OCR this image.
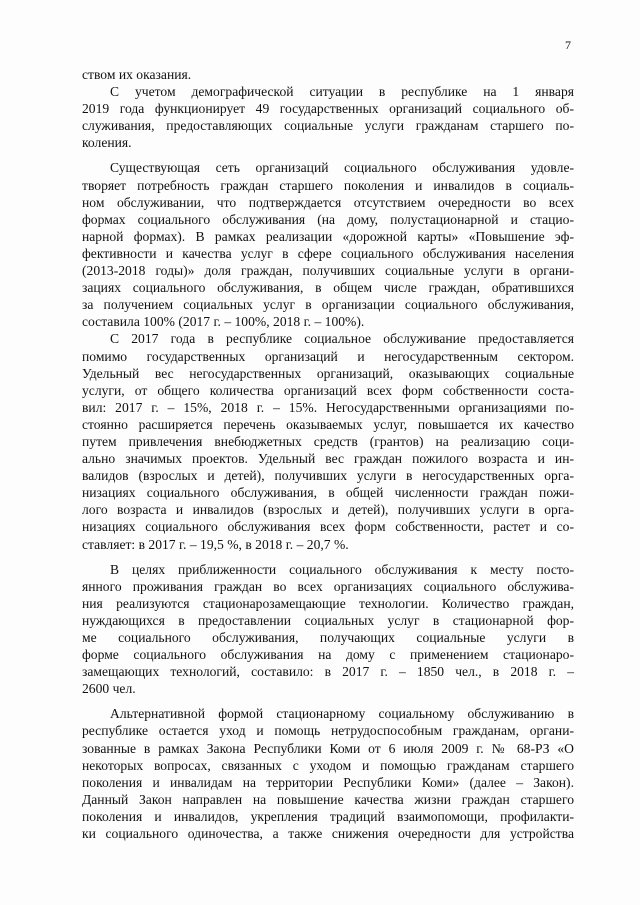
7
ством их оказания.
С учетом демографической ситуации в республике на 1 января
2019 года функционирует 49 государственных организаций социального об-
служивания, предоставляющих социальные услуги гражданам старшего по-
коления.
Существующая сеть организаций социального обслуживания удовле-
творяет потребность граждан старшего поколения и инвалидов в социаль-
ном обслуживании, что подтверждается отсутствием очередности во всех
формах социального обслуживания (на дому, полустационарной и стацио-
нарной формах). В рамках реализации «дорожной карты» «Повышение эф-
фективности и качества услуг в сфере социального обслуживания населения
(2013-2018 годы)» доля граждан, получивших социальные услуги в органи-
зациях социального обслуживания, в общем числе граждан, обратившихся
за получением социальных услуг в организации социального обслуживания,
составила 100% (2017 г. – 100%, 2018 г. – 100%).
С 2017 года в республике социальное обслуживание предоставляется
помимо государственных организаций и негосударственным сектором.
Удельный вес негосударственных организаций, оказывающих социальные
услуги, от общего количества организаций всех форм собственности соста-
вил: 2017 г. – 15%, 2018 г. – 15%. Негосударственными организациями по-
стоянно расширяется перечень оказываемых услуг, повышается их качество
путем привлечения внебюджетных средств (грантов) на реализацию соци-
ально значимых проектов. Удельный вес граждан пожилого возраста и ин-
валидов (взрослых и детей), получивших услуги в негосударственных орга-
низациях социального обслуживания, в общей численности граждан пожи-
лого возраста и инвалидов (взрослых и детей), получивших услуги в орга-
низациях социального обслуживания всех форм собственности, растет и со-
ставляет: в 2017 г. – 19,5 %, в 2018 г. – 20,7 %.
В целях приближенности социального обслуживания к месту посто-
янного проживания граждан во всех организациях социального обслужива-
ния реализуются стационарозамещающие технологии. Количество граждан,
нуждающихся в предоставлении социальных услуг в стационарной фор-
ме социального обслуживания, получающих социальные услуги в
форме социального обслуживания на дому с применением стационаро-
замещающих технологий, составило: в 2017 г. – 1850 чел., в 2018 г. –
2600 чел.
Альтернативной формой стационарному социальному обслуживанию в
республике остается уход и помощь нетрудоспособным гражданам, органи-
зованные в рамках Закона Республики Коми от 6 июля 2009 г. № 68-РЗ «О
некоторых вопросах, связанных с уходом и помощью гражданам старшего
поколения и инвалидам на территории Республики Коми» (далее – Закон).
Данный Закон направлен на повышение качества жизни граждан старшего
поколения и инвалидов, укрепления традиций взаимопомощи, профилакти-
ки социального одиночества, а также снижения очередности для устройства
